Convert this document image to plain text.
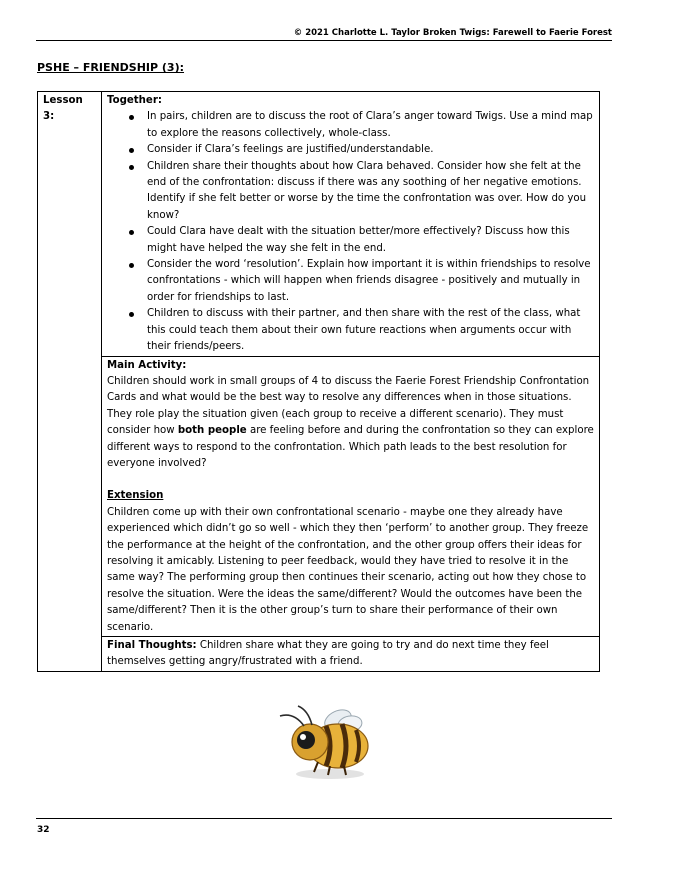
© 2021 Charlotte L. Taylor Broken Twigs: Farewell to Faerie Forest
PSHE – FRIENDSHIP (3):
Lesson 3:	
Together:
In pairs, children are to discuss the root of Clara’s anger toward Twigs. Use a mind map to explore the reasons collectively, whole-class.
Consider if Clara’s feelings are justified/understandable.
Children share their thoughts about how Clara behaved. Consider how she felt at the end of the confrontation: discuss if there was any soothing of her negative emotions. Identify if she felt better or worse by the time the confrontation was over. How do you know?
Could Clara have dealt with the situation better/more effectively? Discuss how this might have helped the way she felt in the end.
Consider the word ‘resolution’. Explain how important it is within friendships to resolve confrontations - which will happen when friends disagree - positively and mutually in order for friendships to last.
Children to discuss with their partner, and then share with the rest of the class, what this could teach them about their own future reactions when arguments occur with their friends/peers.

Main Activity:

Children should work in small groups of 4 to discuss the Faerie Forest Friendship Confrontation Cards and what would be the best way to resolve any differences when in those situations. They role play the situation given (each group to receive a different scenario). They must consider how both people are feeling before and during the confrontation so they can explore different ways to respond to the confrontation. Which path leads to the best resolution for everyone involved?

Extension

Children come up with their own confrontational scenario - maybe one they already have experienced which didn’t go so well - which they then ‘perform’ to another group. They freeze the performance at the height of the confrontation, and the other group offers their ideas for resolving it amicably. Listening to peer feedback, would they have tried to resolve it in the same way? The performing group then continues their scenario, acting out how they chose to resolve the situation. Were the ideas the same/different? Would the outcomes have been the same/different? Then it is the other group’s turn to share their performance of their own scenario.

Final Thoughts: Children share what they are going to try and do next time they feel themselves getting angry/frustrated with a friend.

32
